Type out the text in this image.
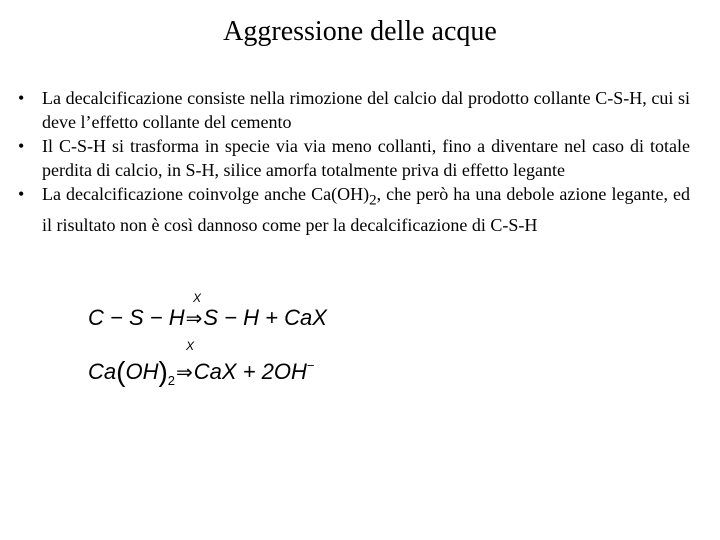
Aggressione delle acque
• La decalcificazione consiste nella rimozione del calcio dal prodotto collante C-S-H, cui si deve l’effetto collante del cemento
• Il C-S-H si trasforma in specie via via meno collanti, fino a diventare nel caso di totale perdita di calcio, in S-H, silice amorfa totalmente priva di effetto legante
• La decalcificazione coinvolge anche $Ca(OH)_2$, che però ha una debole azione legante, ed il risultato non è così dannoso come per la decalcificazione di C-S-H
X
C − S − H⇒S − H + CaX
X
$Ca(OH)_2\Rightarrow CaX + 2OH^-$
